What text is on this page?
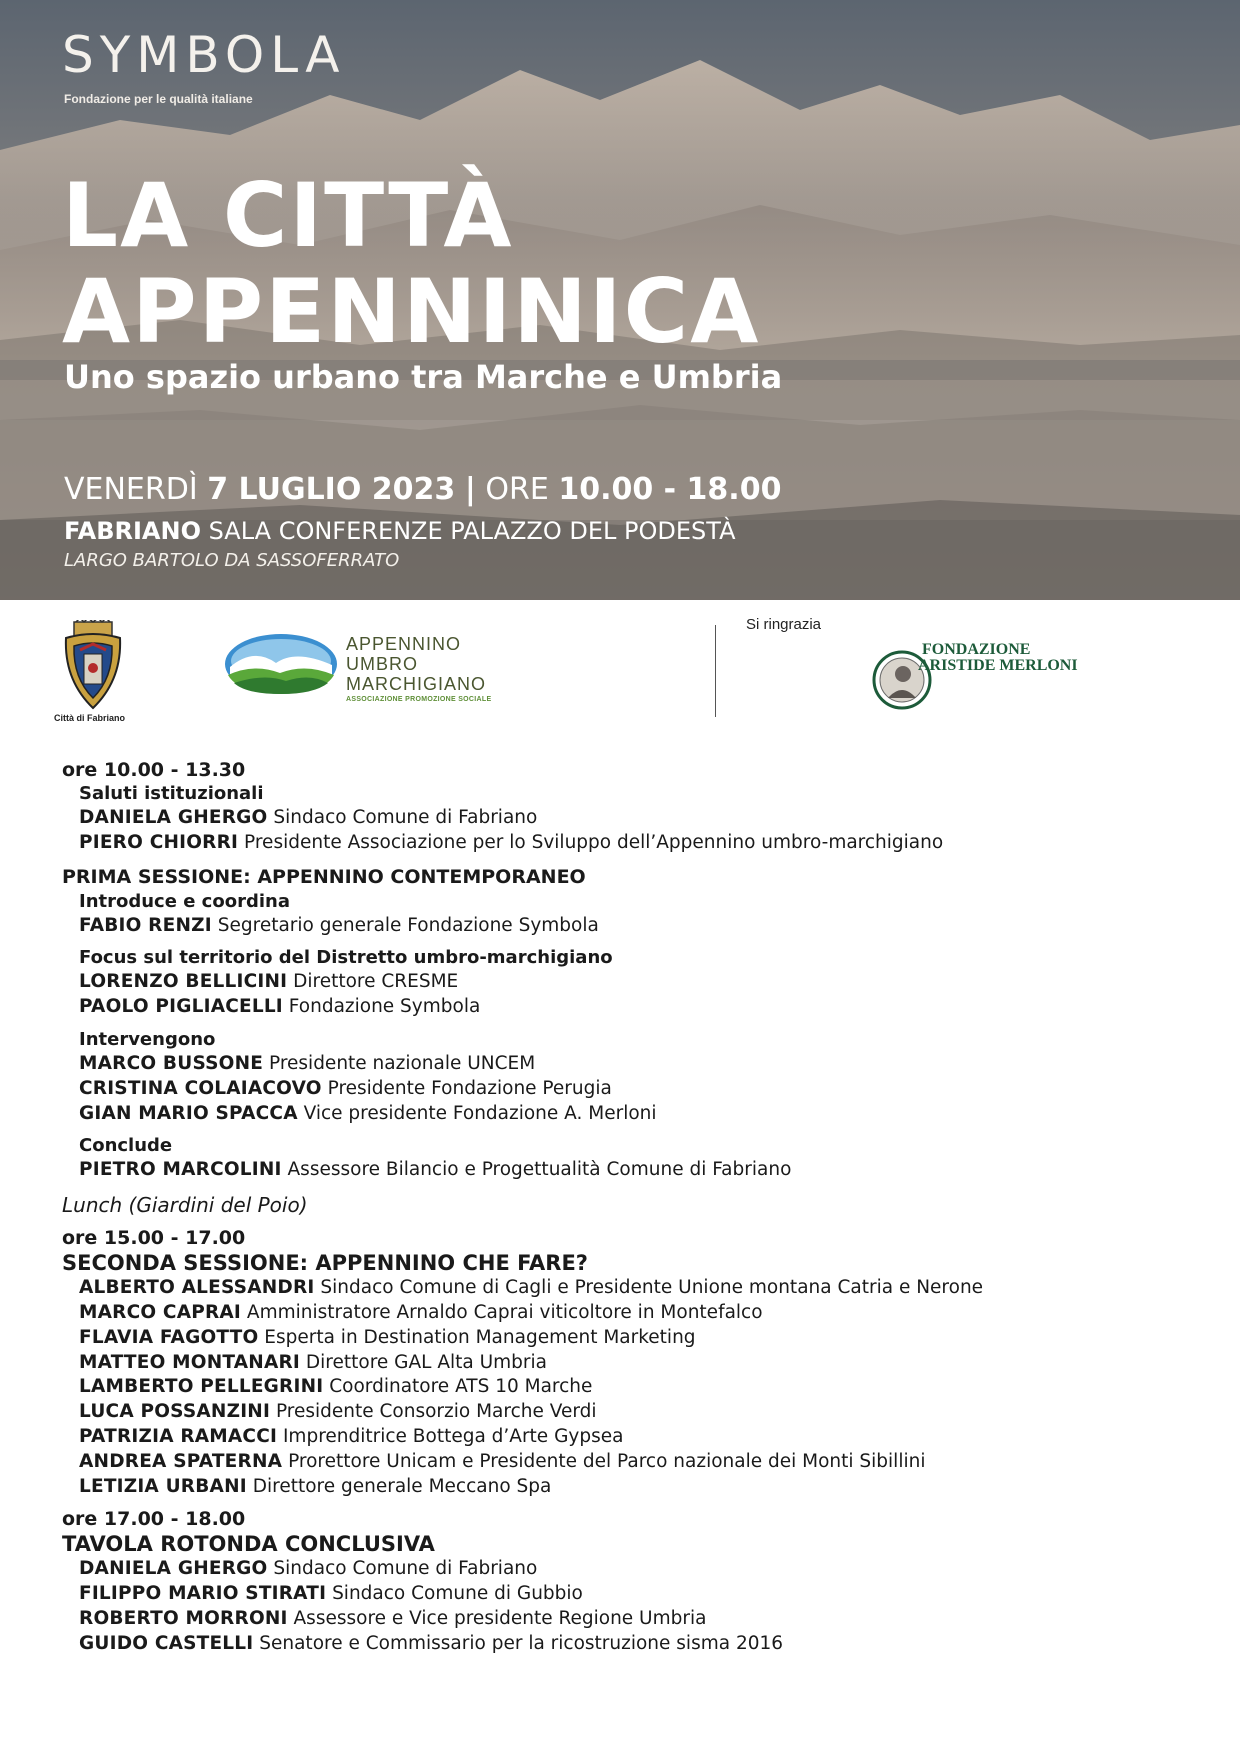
SYMBOLA
Fondazione per le qualità italiane
LA CITTÀ
APPENNINICA
Uno spazio urbano tra Marche e Umbria
VENERDÌ 7 LUGLIO 2023 | ORE 10.00 - 18.00
FABRIANO SALA CONFERENZE PALAZZO DEL PODESTÀ
LARGO BARTOLO DA SASSOFERRATO
Città di Fabriano
APPENNINO
UMBRO
MARCHIGIANO
ASSOCIAZIONE PROMOZIONE SOCIALE
Si ringrazia
FONDAZIONE
ARISTIDE MERLONI
ore 10.00 - 13.30
Saluti istituzionali
DANIELA GHERGO Sindaco Comune di Fabriano
PIERO CHIORRI Presidente Associazione per lo Sviluppo dell’Appennino umbro-marchigiano
PRIMA SESSIONE: APPENNINO CONTEMPORANEO
Introduce e coordina
FABIO RENZI Segretario generale Fondazione Symbola
Focus sul territorio del Distretto umbro-marchigiano
LORENZO BELLICINI Direttore CRESME
PAOLO PIGLIACELLI Fondazione Symbola
Intervengono
MARCO BUSSONE Presidente nazionale UNCEM
CRISTINA COLAIACOVO Presidente Fondazione Perugia
GIAN MARIO SPACCA Vice presidente Fondazione A. Merloni
Conclude
PIETRO MARCOLINI Assessore Bilancio e Progettualità Comune di Fabriano
Lunch (Giardini del Poio)
ore 15.00 - 17.00
SECONDA SESSIONE: APPENNINO CHE FARE?
ALBERTO ALESSANDRI Sindaco Comune di Cagli e Presidente Unione montana Catria e Nerone
MARCO CAPRAI Amministratore Arnaldo Caprai viticoltore in Montefalco
FLAVIA FAGOTTO Esperta in Destination Management Marketing
MATTEO MONTANARI Direttore GAL Alta Umbria
LAMBERTO PELLEGRINI Coordinatore ATS 10 Marche
LUCA POSSANZINI Presidente Consorzio Marche Verdi
PATRIZIA RAMACCI Imprenditrice Bottega d’Arte Gypsea
ANDREA SPATERNA Prorettore Unicam e Presidente del Parco nazionale dei Monti Sibillini
LETIZIA URBANI Direttore generale Meccano Spa
ore 17.00 - 18.00
TAVOLA ROTONDA CONCLUSIVA
DANIELA GHERGO Sindaco Comune di Fabriano
FILIPPO MARIO STIRATI Sindaco Comune di Gubbio
ROBERTO MORRONI Assessore e Vice presidente Regione Umbria
GUIDO CASTELLI Senatore e Commissario per la ricostruzione sisma 2016
